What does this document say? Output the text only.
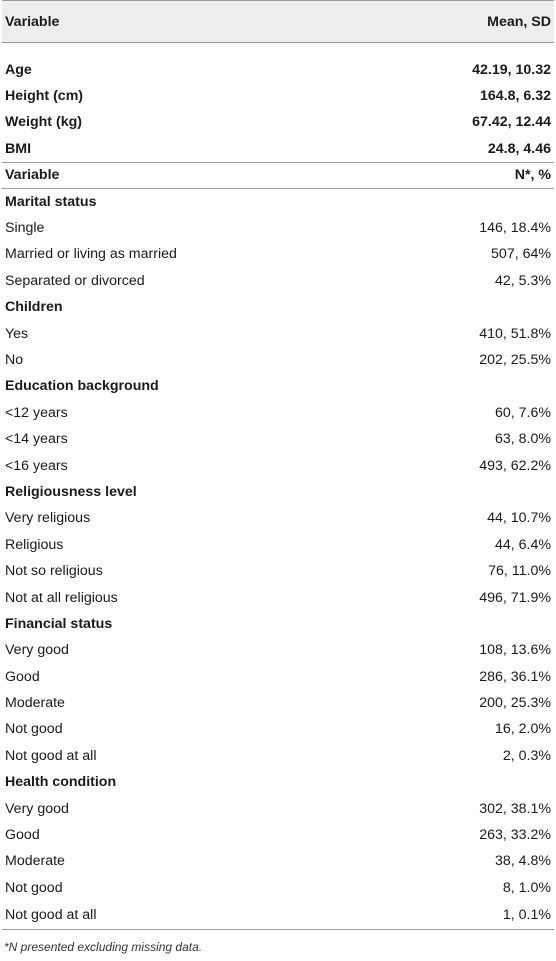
Variable	Mean, SD

Age	42.19, 10.32
Height (cm)	164.8, 6.32
Weight (kg)	67.42, 12.44
BMI	24.8, 4.46
Variable	N*, %
Marital status	
Single	146, 18.4%
Married or living as married	507, 64%
Separated or divorced	42, 5.3%
Children	
Yes	410, 51.8%
No	202, 25.5%
Education background	
<12 years	60, 7.6%
<14 years	63, 8.0%
<16 years	493, 62.2%
Religiousness level	
Very religious	44, 10.7%
Religious	44, 6.4%
Not so religious	76, 11.0%
Not at all religious	496, 71.9%
Financial status	
Very good	108, 13.6%
Good	286, 36.1%
Moderate	200, 25.3%
Not good	16, 2.0%
Not good at all	2, 0.3%
Health condition	
Very good	302, 38.1%
Good	263, 33.2%
Moderate	38, 4.8%
Not good	8, 1.0%
Not good at all	1, 0.1%
*N presented excluding missing data.
